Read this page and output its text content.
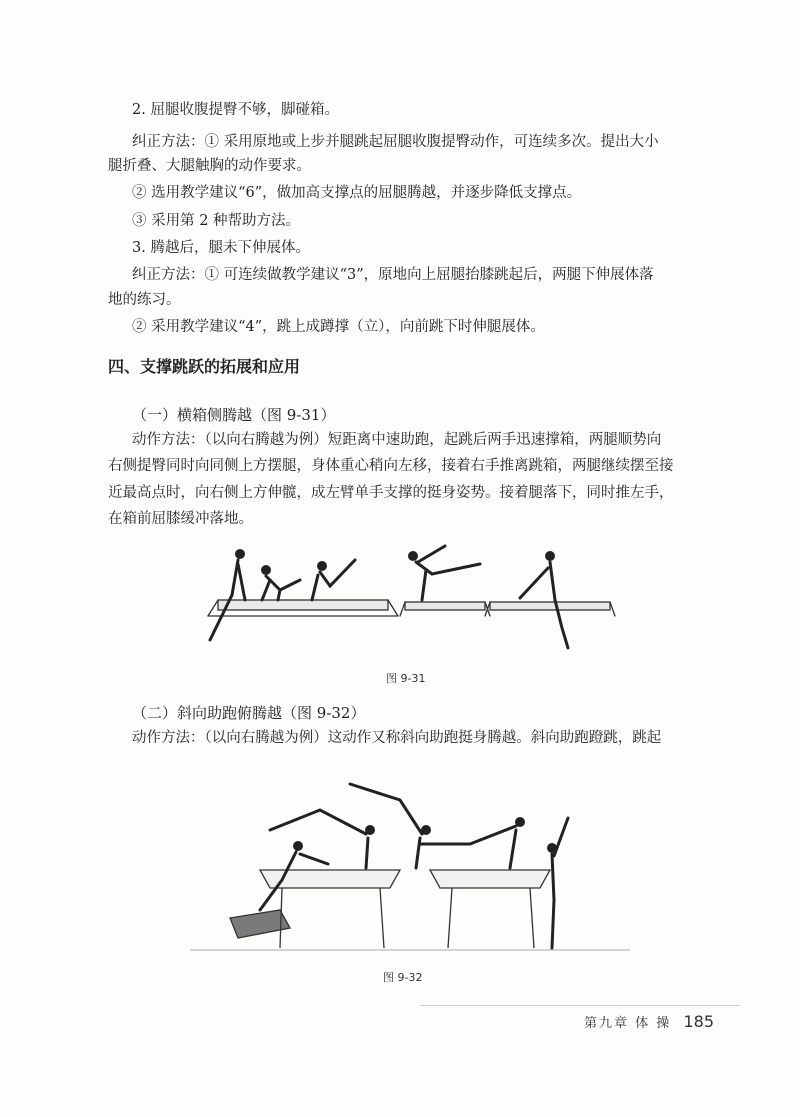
2. 屈腿收腹提臀不够，脚碰箱。

纠正方法：① 采用原地或上步并腿跳起屈腿收腹提臀动作，可连续多次。提出大小

腿折叠、大腿触胸的动作要求。

② 选用教学建议“6”，做加高支撑点的屈腿腾越，并逐步降低支撑点。

③ 采用第 2 种帮助方法。

3. 腾越后，腿未下伸展体。

纠正方法：① 可连续做教学建议“3”，原地向上屈腿抬膝跳起后，两腿下伸展体落

地的练习。

② 采用教学建议“4”，跳上成蹲撑（立），向前跳下时伸腿展体。

四、支撑跳跃的拓展和应用

（一）横箱侧腾越（图 9-31）

动作方法：（以向右腾越为例）短距离中速助跑，起跳后两手迅速撑箱，两腿顺势向

右侧提臀同时向同侧上方摆腿，身体重心稍向左移，接着右手推离跳箱，两腿继续摆至接

近最高点时，向右侧上方伸髋，成左臂单手支撑的挺身姿势。接着腿落下，同时推左手，

在箱前屈膝缓冲落地。

图 9-31

（二）斜向助跑俯腾越（图 9-32）

动作方法：（以向右腾越为例）这动作又称斜向助跑挺身腾越。斜向助跑蹬跳，跳起

图 9-32

第九章 体 操 185
